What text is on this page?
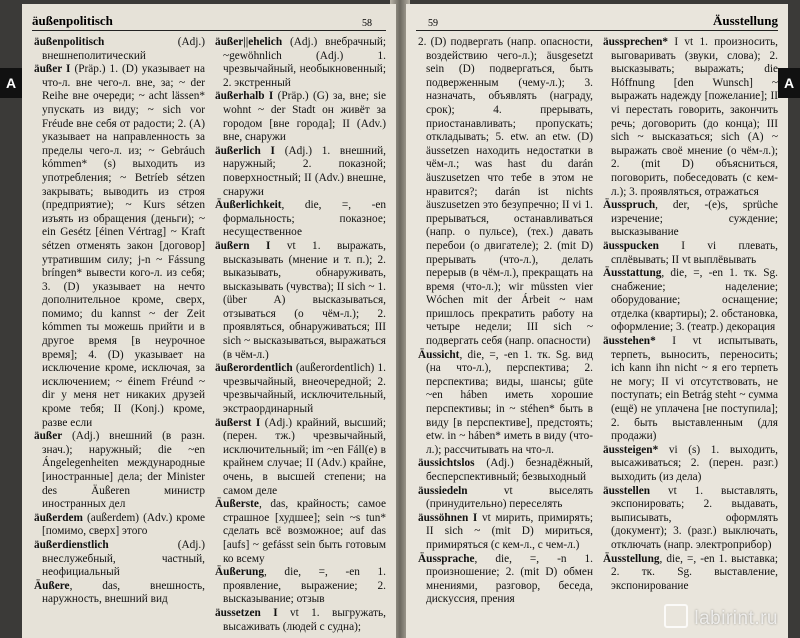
äußenpolitisch	58
äußenpolitisch (Adj.) внешнеполитический
äußer I (Präp.) 1. (D) указывает на что-л. вне чего-л. вне, за; ~ der Reihe вне очереди; ~ acht lässen* упускать из виду; ~ sich vor Fréude вне себя от радости; 2. (A) указывает на направленность за пределы чего-л. из; ~ Gebráuch kómmen* (s) выходить из употребления; ~ Betríeb sétzen закрывать; выводить из строя (предприятие); ~ Kurs sétzen изъять из обращения (деньги); ~ ein Gesétz [éinen Vértrag] ~ Kraft sétzen отменять закон [договор] утратившим силу; j-n ~ Fássung bríngen* вывести кого-л. из себя; 3. (D) указывает на нечто дополнительное кроме, сверх, помимо; du kannst ~ der Zeit kómmen ты можешь прийти и в другое время [в неурочное время]; 4. (D) указывает на исключение кроме, исключая, за исключением; ~ éinem Fréund ~ dir у меня нет никаких друзей кроме тебя; II (Konj.) кроме, разве если
äußer (Adj.) внешний (в разн. знач.); наружный; die ~en Ángelegenheiten международные [иностранные] дела; der Minister des Äußeren министр иностранных дел
äußerdem (außerdem) (Adv.) кроме [помимо, сверх] этого
äußerdienstlich (Adj.) внеслужебный, частный, неофициальный
Äußere, das, внешность, наружность, внешний вид
äußer||ehelich (Adj.) внебрачный; ~gewöhnlich (Adj.) 1. чрезвычайный, необыкновенный; 2. экстренный
äußerhalb I (Präp.) (G) за, вне; sie wohnt ~ der Stadt он живёт за городом [вне города]; II (Adv.) вне, снаружи
äußerlich I (Adj.) 1. внешний, наружный; 2. показной; поверхностный; II (Adv.) внешне, снаружи
Äußerlichkeit, die, =, -en формальность; показное; несущественное
äußern I vt 1. выражать, высказывать (мнение и т. п.); 2. выказывать, обнаруживать, высказывать (чувства); II sich ~ 1. (über A) высказываться, отзываться (о чём-л.); 2. проявляться, обнаруживаться; III sich ~ высказываться, выражаться (в чём-л.)
äußerordentlich (außerordentlich) 1. чрезвычайный, внеочередной; 2. чрезвычайный, исключительный, экстраординарный
äußerst I (Adj.) крайний, высший; (перен. тж.) чрезвычайный, исключительный; im ~en Fáll(e) в крайнем случае; II (Adv.) крайне, очень, в высшей степени; на самом деле
Äußerste, das, крайность; самое страшное [худшее]; sein ~s tun* сделать всё возможное; auf das [aufs] ~ gefásst sein быть готовым ко всему
Äußerung, die, =, -en 1. проявление, выражение; 2. высказывание; отзыв
äussetzen I vt 1. выгружать, высаживать (людей с судна);
59	Äusstellung
2. (D) подвергать (напр. опасности, воздействию чего-л.); äusgesetzt sein (D) подвергаться, быть подверженным (чему-л.); 3. назначать, объявлять (награду, срок); 4. прерывать, приостанавливать; пропускать; откладывать; 5. etw. an etw. (D) äussetzen находить недостатки в чём-л.; was hast du darán äuszusetzen что тебе в этом не нравится?; darán ist nichts äuszusetzen это безупречно; II vi 1. прерываться, останавливаться (напр. о пульсе), (тех.) давать перебои (о двигателе); 2. (mit D) прерывать (что-л.), делать перерыв (в чём-л.), прекращать на время (что-л.); wir müssten vier Wóchen mit der Árbeit ~ нам пришлось прекратить работу на четыре недели; III sich ~ подвергать себя (напр. опасности)
Äussicht, die, =, -en 1. тк. Sg. вид (на что-л.), перспектива; 2. перспектива; виды, шансы; güte ~en háben иметь хорошие перспективы; in ~ stéhen* быть в виду [в перспективе], предстоять; etw. in ~ háben* иметь в виду (что-л.); рассчитывать на что-л.
äussichtslos (Adj.) безнадёжный, бесперспективный; безвыходный
äussiedeln vt выселять (принудительно) переселять
äussöhnen I vt мирить, примирять; II sich ~ (mit D) мириться, примиряться (с кем-л., с чем-л.)
Äussprache, die, =, -n 1. произношение; 2. (mit D) обмен мнениями, разговор, беседа, дискуссия, прения
äussprechen* I vt 1. произносить, выговаривать (звуки, слова); 2. высказывать; выражать; die Hóffnung [den Wunsch] ~ выражать надежду [пожелание]; II vi перестать говорить, закончить речь; договорить (до конца); III sich ~ высказаться; sich (A) ~ выражать своё мнение (о чём-л.); 2. (mit D) объясниться, поговорить, побеседовать (с кем-л.); 3. проявляться, отражаться
Äusspruch, der, -(e)s, sprüche изречение; суждение; высказывание
äusspucken I vi плевать, сплёвывать; II vt выплёвывать
Äusstattung, die, =, -en 1. тк. Sg. снабжение; наделение; оборудование; оснащение; отделка (квартиры); 2. обстановка, оформление; 3. (театр.) декорация
äusstehen* I vt испытывать, терпеть, выносить, переносить; ich kann ihn nicht ~ я его терпеть не могу; II vi отсутствовать, не поступать; ein Betrág steht ~ сумма (ещё) не уплачена [не поступила]; 2. быть выставленным (для продажи)
äussteigen* vi (s) 1. выходить, высаживаться; 2. (перен. разг.) выходить (из дела)
äusstellen vt 1. выставлять, экспонировать; 2. выдавать, выписывать, оформлять (документ); 3. (разг.) выключать, отключать (напр. электроприбор)
Äusstellung, die, =, -en 1. выставка; 2. тк. Sg. выставление, экспонирование
A	A
labirint.ru
